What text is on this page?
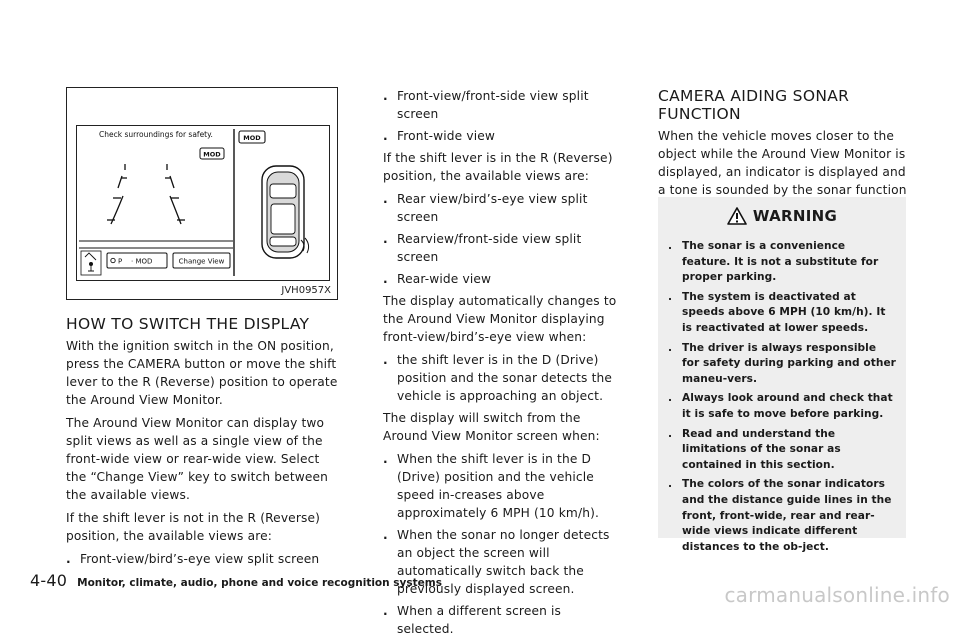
Check surroundings for safety.
MOD
P · MOD	Change View
MOD
JVH0957X
HOW TO SWITCH THE DISPLAY

With the ignition switch in the ON position, press the CAMERA button or move the shift lever to the R (Reverse) position to operate the Around View Monitor.

The Around View Monitor can display two split views as well as a single view of the front-wide view or rear-wide view. Select the “Change View” key to switch between the available views.

If the shift lever is not in the R (Reverse) position, the available views are:

. Front-view/bird’s-eye view split screen
. Front-view/front-side view split screen
. Front-wide view

If the shift lever is in the R (Reverse) position, the available views are:

. Rear view/bird’s-eye view split screen
. Rearview/front-side view split screen
. Rear-wide view

The display automatically changes to the Around View Monitor displaying front-view/bird’s-eye view when:

. the shift lever is in the D (Drive) position and the sonar detects the vehicle is approaching an object.

The display will switch from the Around View Monitor screen when:

. When the shift lever is in the D (Drive) position and the vehicle speed in-creases above approximately 6 MPH (10 km/h).
. When the sonar no longer detects an object the screen will automatically switch back the previously displayed screen.
. When a different screen is selected.
CAMERA AIDING SONAR FUNCTION

When the vehicle moves closer to the object while the Around View Monitor is displayed, an indicator is displayed and a tone is sounded by the sonar function

WARNING
. The sonar is a convenience feature. It is not a substitute for proper parking.
. The system is deactivated at speeds above 6 MPH (10 km/h). It is reactivated at lower speeds.
. The driver is always responsible for safety during parking and other maneu-vers.
. Always look around and check that it is safe to move before parking.
. Read and understand the limitations of the sonar as contained in this section.
. The colors of the sonar indicators and the distance guide lines in the front, front-wide, rear and rear-wide views indicate different distances to the ob-ject.
4-40 Monitor, climate, audio, phone and voice recognition systems	carmanualsonline.info
